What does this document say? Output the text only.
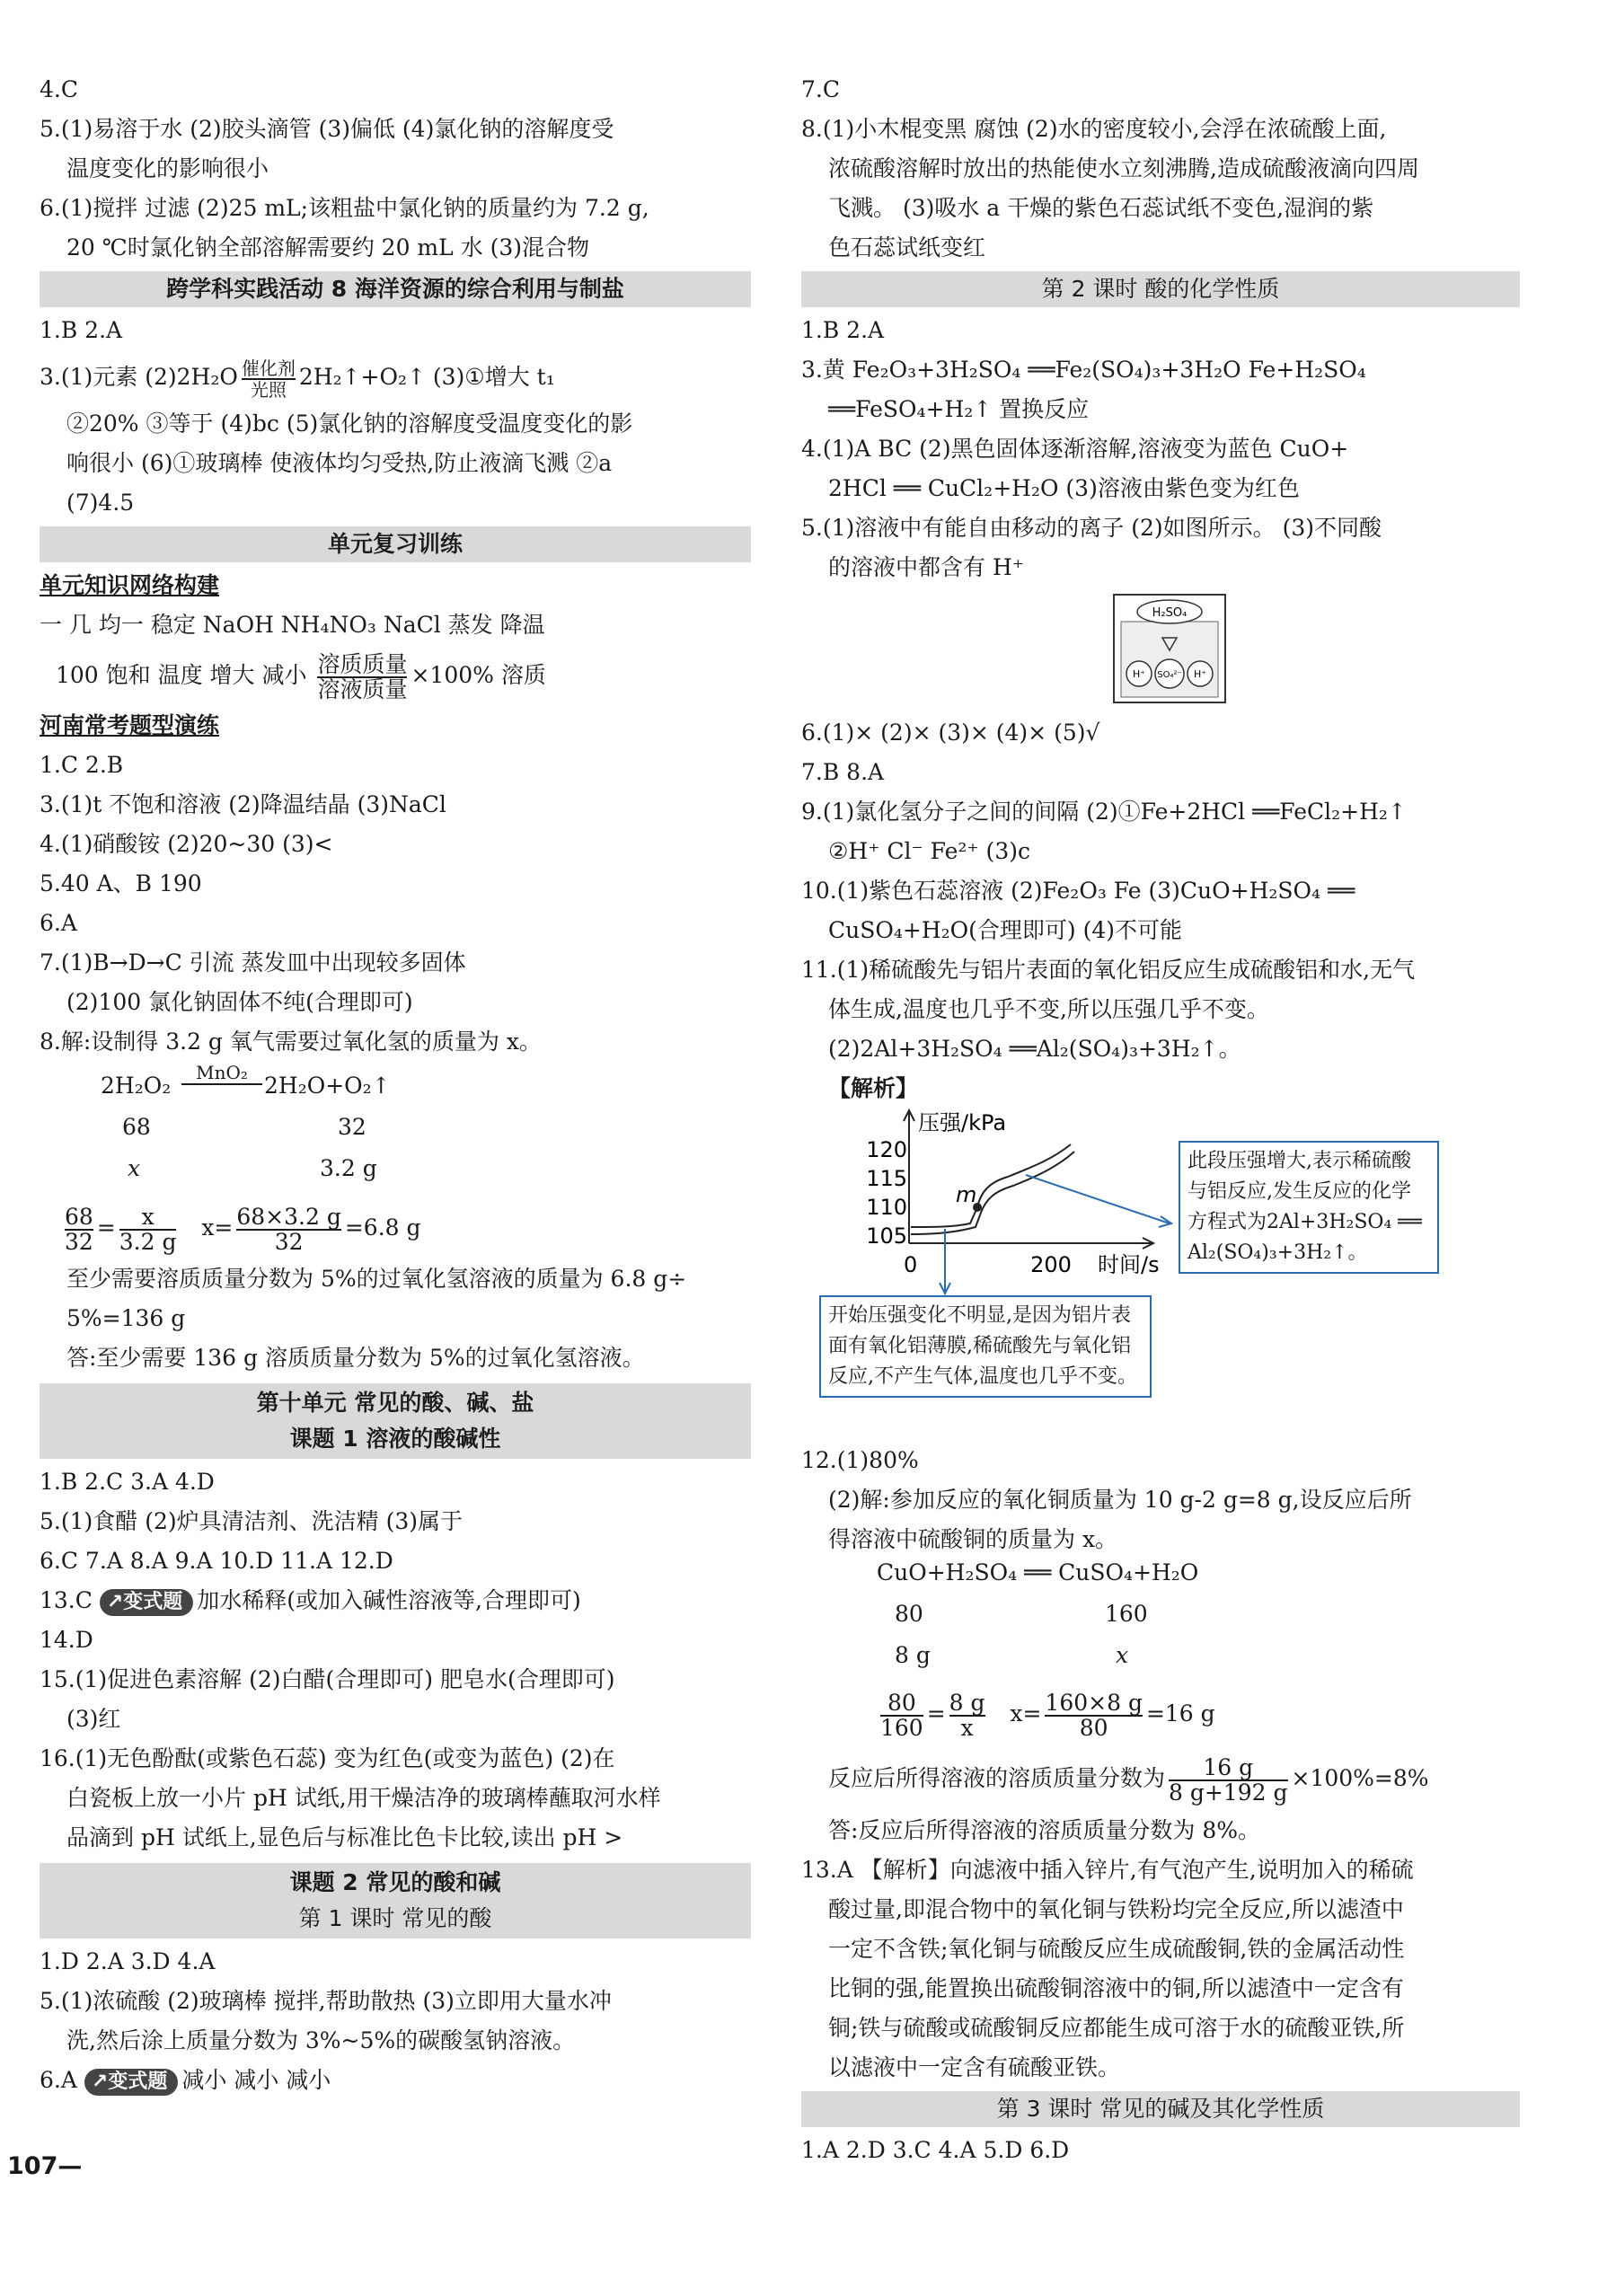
4.C
5.(1)易溶于水 (2)胶头滴管 (3)偏低 (4)氯化钠的溶解度受
温度变化的影响很小
6.(1)搅拌 过滤 (2)25 mL;该粗盐中氯化钠的质量约为 7.2 g,
20 ℃时氯化钠全部溶解需要约 20 mL 水 (3)混合物
跨学科实践活动 8 海洋资源的综合利用与制盐
1.B 2.A
3.(1)元素 $(2)2H_2O \frac{\text{催化剂}}{\text{光照}}$ 2H₂↑+O₂↑ (3)①增大 t₁
②20% ③等于 (4)bc (5)氯化钠的溶解度受温度变化的影
响很小 (6)①玻璃棒 使液体均匀受热,防止液滴飞溅 ②a
(7)4.5
单元复习训练
单元知识网络构建
一 几 均一 稳定 NaOH NH₄NO₃ NaCl 蒸发 降温
100 饱和 温度 增大 减小 $\frac{\text{溶质质量}}{\text{溶液质量}} \times 100\%$ 溶质
河南常考题型演练
1.C 2.B
3.(1)t 不饱和溶液 (2)降温结晶 (3)NaCl
4.(1)硝酸铵 (2)20~30 (3)<
5.40 A、B 190
6.A
7.(1)B→D→C 引流 蒸发皿中出现较多固体
(2)100 氯化钠固体不纯(合理即可)
8.解:设制得 3.2 g 氧气需要过氧化氢的质量为 x。
2H₂O₂	MnO₂ 2H₂O+O₂↑
68	32
x	3.2 g
$\frac{68}{32} = \frac{x}{3.2 g} x= \frac{68\times 3.2 g}{32} =6.8$ g
至少需要溶质质量分数为 5%的过氧化氢溶液的质量为 6.8 g÷
5%=136 g
答:至少需要 136 g 溶质质量分数为 5%的过氧化氢溶液。
第十单元 常见的酸、碱、盐
课题 1 溶液的酸碱性
1.B 2.C 3.A 4.D
5.(1)食醋 (2)炉具清洁剂、洗洁精 (3)属于
6.C 7.A 8.A 9.A 10.D 11.A 12.D
13.C ↗变式题 加水稀释(或加入碱性溶液等,合理即可)
14.D
15.(1)促进色素溶解 (2)白醋(合理即可) 肥皂水(合理即可)
(3)红
16.(1)无色酚酞(或紫色石蕊) 变为红色(或变为蓝色) (2)在
白瓷板上放一小片 pH 试纸,用干燥洁净的玻璃棒蘸取河水样
品滴到 pH 试纸上,显色后与标准比色卡比较,读出 pH >
课题 2 常见的酸和碱
第 1 课时 常见的酸
1.D 2.A 3.D 4.A
5.(1)浓硫酸 (2)玻璃棒 搅拌,帮助散热 (3)立即用大量水冲
洗,然后涂上质量分数为 3%~5%的碳酸氢钠溶液。
6.A ↗变式题 减小 减小 减小
7.C
8.(1)小木棍变黑 腐蚀 (2)水的密度较小,会浮在浓硫酸上面,
浓硫酸溶解时放出的热能使水立刻沸腾,造成硫酸液滴向四周
飞溅。 (3)吸水 a 干燥的紫色石蕊试纸不变色,湿润的紫
色石蕊试纸变红
第 2 课时 酸的化学性质
1.B 2.A
3.黄 Fe₂O₃+3H₂SO₄ ══Fe₂(SO₄)₃+3H₂O Fe+H₂SO₄
══FeSO₄+H₂↑ 置换反应
4.(1)A BC (2)黑色固体逐渐溶解,溶液变为蓝色 CuO+
2HCl ══ CuCl₂+H₂O (3)溶液由紫色变为红色
5.(1)溶液中有能自由移动的离子 (2)如图所示。 (3)不同酸
的溶液中都含有 H⁺
H₂SO₄
H⁺ SO₄²⁻ H⁺
6.(1)× (2)× (3)× (4)× (5)√
7.B 8.A
9.(1)氯化氢分子之间的间隔 (2)①Fe+2HCl ══FeCl₂+H₂↑
②H⁺ Cl⁻ Fe²⁺ (3)c
10.(1)紫色石蕊溶液 (2)Fe₂O₃ Fe (3)CuO+H₂SO₄ ══
CuSO₄+H₂O(合理即可) (4)不可能
11.(1)稀硫酸先与铝片表面的氧化铝反应生成硫酸铝和水,无气
体生成,温度也几乎不变,所以压强几乎不变。
(2)2Al+3H₂SO₄ ══Al₂(SO₄)₃+3H₂↑。
【解析】
压强/kPa
时间/s
120
115
110
105
0	200
m
此段压强增大,表示稀硫酸与铝反应,发生反应的化学方程式为2Al+3H₂SO₄ ══ Al₂(SO₄)₃+3H₂↑。
开始压强变化不明显,是因为铝片表面有氧化铝薄膜,稀硫酸先与氧化铝反应,不产生气体,温度也几乎不变。
12.(1)80%
(2)解:参加反应的氧化铜质量为 10 g-2 g=8 g,设反应后所
得溶液中硫酸铜的质量为 x。
CuO+H₂SO₄ ══ CuSO₄+H₂O
80	160
8 g	x
$\frac{80}{160} = \frac{8 g}{x} x= \frac{160\times 8 g}{80} =16$ g
反应后所得溶液的溶质质量分数为 $\frac{16 g}{8 g+192 g} \times 100\%=8\%$
答:反应后所得溶液的溶质质量分数为 8%。
13.A 【解析】向滤液中插入锌片,有气泡产生,说明加入的稀硫
酸过量,即混合物中的氧化铜与铁粉均完全反应,所以滤渣中
一定不含铁;氧化铜与硫酸反应生成硫酸铜,铁的金属活动性
比铜的强,能置换出硫酸铜溶液中的铜,所以滤渣中一定含有
铜;铁与硫酸或硫酸铜反应都能生成可溶于水的硫酸亚铁,所
以滤液中一定含有硫酸亚铁。
第 3 课时 常见的碱及其化学性质
1.A 2.D 3.C 4.A 5.D 6.D
107—
